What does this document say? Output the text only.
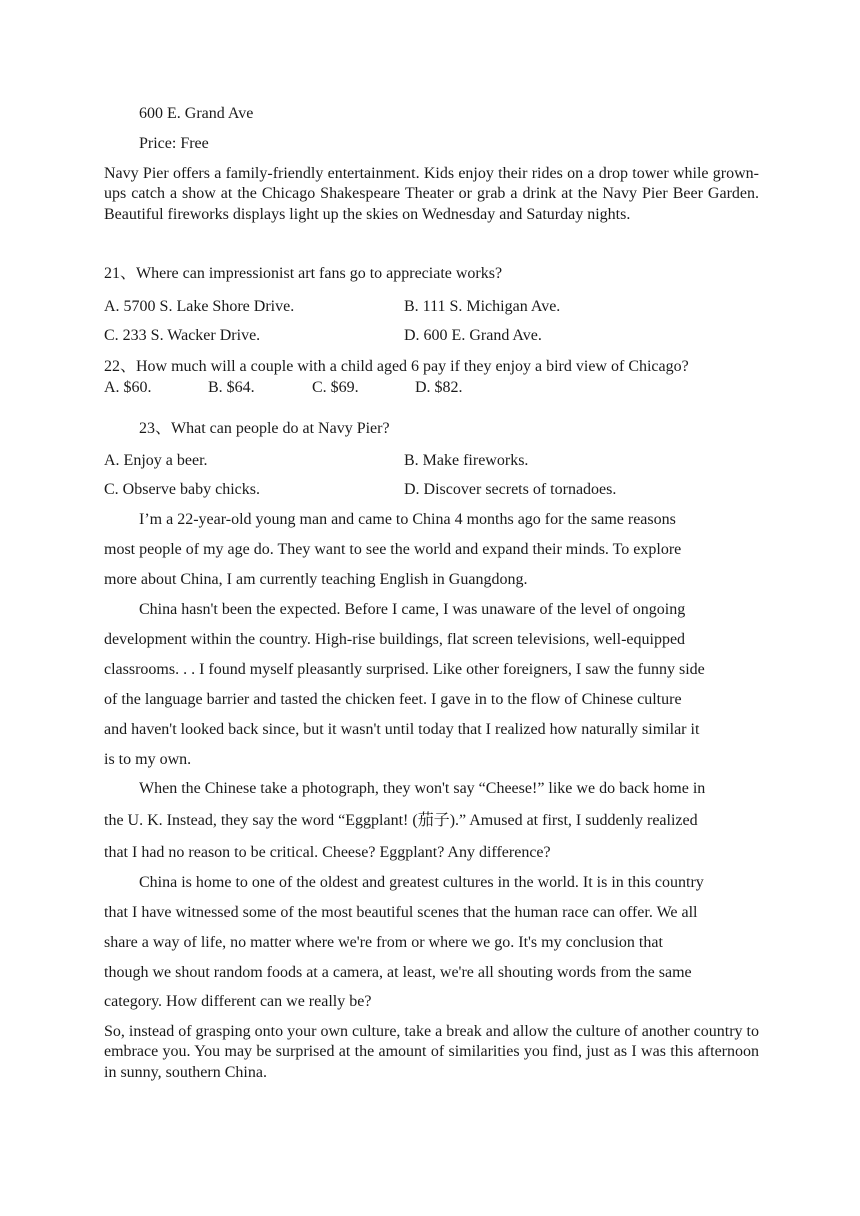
600 E. Grand Ave
Price: Free
Navy Pier offers a family-friendly entertainment. Kids enjoy their rides on a drop tower while grown-ups catch a show at the Chicago Shakespeare Theater or grab a drink at the Navy Pier Beer Garden. Beautiful fireworks displays light up the skies on Wednesday and Saturday nights.
21、Where can impressionist art fans go to appreciate works?
A. 5700 S. Lake Shore Drive.	B. 111 S. Michigan Ave.
C. 233 S. Wacker Drive.	D. 600 E. Grand Ave.
22、How much will a couple with a child aged 6 pay if they enjoy a bird view of Chicago?
A. $60.	B. $64.	C. $69.	D. $82.
23、What can people do at Navy Pier?
A. Enjoy a beer.	B. Make fireworks.
C. Observe baby chicks.	D. Discover secrets of tornadoes.
I’m a 22-year-old young man and came to China 4 months ago for the same reasons
most people of my age do. They want to see the world and expand their minds. To explore
more about China, I am currently teaching English in Guangdong.
China hasn't been the expected. Before I came, I was unaware of the level of ongoing
development within the country. High-rise buildings, flat screen televisions, well-equipped
classrooms. . . I found myself pleasantly surprised. Like other foreigners, I saw the funny side
of the language barrier and tasted the chicken feet. I gave in to the flow of Chinese culture
and haven't looked back since, but it wasn't until today that I realized how naturally similar it
is to my own.
When the Chinese take a photograph, they won't say “Cheese!” like we do back home in
the U. K. Instead, they say the word “Eggplant! (茄子).” Amused at first, I suddenly realized
that I had no reason to be critical. Cheese? Eggplant? Any difference?
China is home to one of the oldest and greatest cultures in the world. It is in this country
that I have witnessed some of the most beautiful scenes that the human race can offer. We all
share a way of life, no matter where we're from or where we go. It's my conclusion that
though we shout random foods at a camera, at least, we're all shouting words from the same
category. How different can we really be?
So, instead of grasping onto your own culture, take a break and allow the culture of another country to embrace you. You may be surprised at the amount of similarities you find, just as I was this afternoon in sunny, southern China.
